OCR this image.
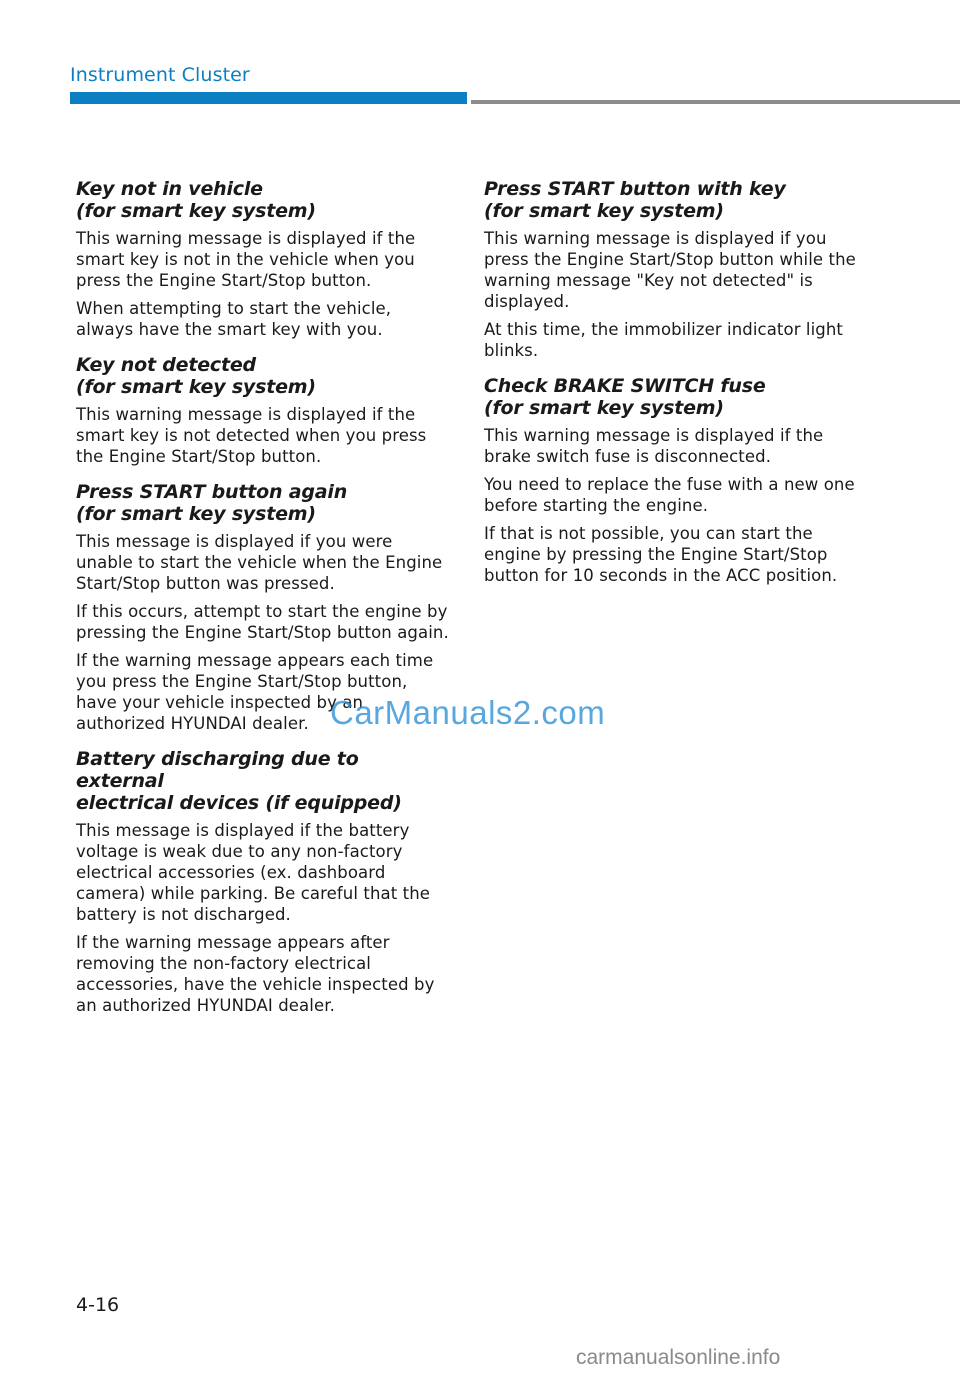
Instrument Cluster
Key not in vehicle
(for smart key system)

This warning message is displayed if the smart key is not in the vehicle when you press the Engine Start/Stop button.

When attempting to start the vehicle, always have the smart key with you.

Key not detected
(for smart key system)

This warning message is displayed if the smart key is not detected when you press the Engine Start/Stop button.

Press START button again
(for smart key system)

This message is displayed if you were unable to start the vehicle when the Engine Start/Stop button was pressed.

If this occurs, attempt to start the engine by pressing the Engine Start/Stop button again.

If the warning message appears each time you press the Engine Start/Stop button, have your vehicle inspected by an authorized HYUNDAI dealer.

Battery discharging due to external
electrical devices (if equipped)

This message is displayed if the battery voltage is weak due to any non-factory electrical accessories (ex. dashboard camera) while parking. Be careful that the battery is not discharged.

If the warning message appears after removing the non-factory electrical accessories, have the vehicle inspected by an authorized HYUNDAI dealer.

Press START button with key
(for smart key system)

This warning message is displayed if you press the Engine Start/Stop button while the warning message "Key not detected" is displayed.

At this time, the immobilizer indicator light blinks.

Check BRAKE SWITCH fuse
(for smart key system)

This warning message is displayed if the brake switch fuse is disconnected.

You need to replace the fuse with a new one before starting the engine.

If that is not possible, you can start the engine by pressing the Engine Start/Stop button for 10 seconds in the ACC position.

CarManuals2.com
4-16
carmanualsonline.info
